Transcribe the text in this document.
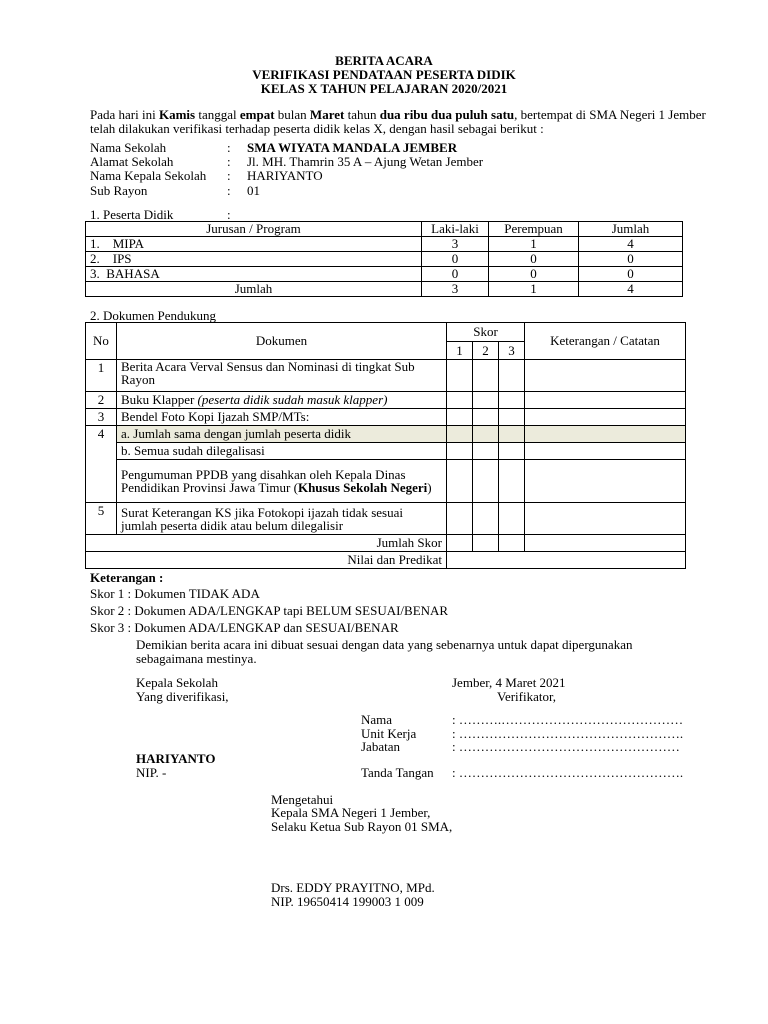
BERITA ACARA
VERIFIKASI PENDATAAN PESERTA DIDIK
KELAS X TAHUN PELAJARAN 2020/2021
Pada hari ini Kamis tanggal empat bulan Maret tahun dua ribu dua puluh satu, bertempat di SMA Negeri 1 Jember telah dilakukan verifikasi terhadap peserta didik kelas X, dengan hasil sebagai berikut :
Nama Sekolah	: SMA WIYATA MANDALA JEMBER
Alamat Sekolah	: Jl. MH. Thamrin 35 A – Ajung Wetan Jember
Nama Kepala Sekolah	: HARIYANTO
Sub Rayon	: 01
1. Peserta Didik	:
Jurusan / Program	Laki-laki	Perempuan	Jumlah
1. MIPA	3	1	4
2. IPS	0	0	0
3. BAHASA	0	0	0
Jumlah	3	1	4
2. Dokumen Pendukung
No	Dokumen	Skor			Keterangan / Catatan
		1	2	3	
1	Berita Acara Verval Sensus dan Nominasi di tingkat Sub Rayon				
2	Buku Klapper (peserta didik sudah masuk klapper)				
3	Bendel Foto Kopi Ijazah SMP/MTs:				
4	a. Jumlah sama dengan jumlah peserta didik				
	b. Semua sudah dilegalisasi				
	Pengumuman PPDB yang disahkan oleh Kepala Dinas Pendidikan Provinsi Jawa Timur (Khusus Sekolah Negeri)				
5	Surat Keterangan KS jika Fotokopi ijazah tidak sesuai jumlah peserta didik atau belum dilegalisir				
Jumlah Skor					
Nilai dan Predikat					
Keterangan :
Skor 1 : Dokumen TIDAK ADA
Skor 2 : Dokumen ADA/LENGKAP tapi BELUM SESUAI/BENAR
Skor 3 : Dokumen ADA/LENGKAP dan SESUAI/BENAR
Demikian berita acara ini dibuat sesuai dengan data yang sebenarnya untuk dapat dipergunakan sebagaimana mestinya.
Kepala Sekolah
Yang diverifikasi,
Jember, 4 Maret 2021
Verifikator,
Nama	: ……….……………………………………
Unit Kerja	: …………………………………………….
Jabatan	: ……………………………………………
HARIYANTO
NIP. -	Tanda Tangan : …………………………………………….
Mengetahui
Kepala SMA Negeri 1 Jember,
Selaku Ketua Sub Rayon 01 SMA,
Drs. EDDY PRAYITNO, MPd.
NIP. 19650414 199003 1 009
